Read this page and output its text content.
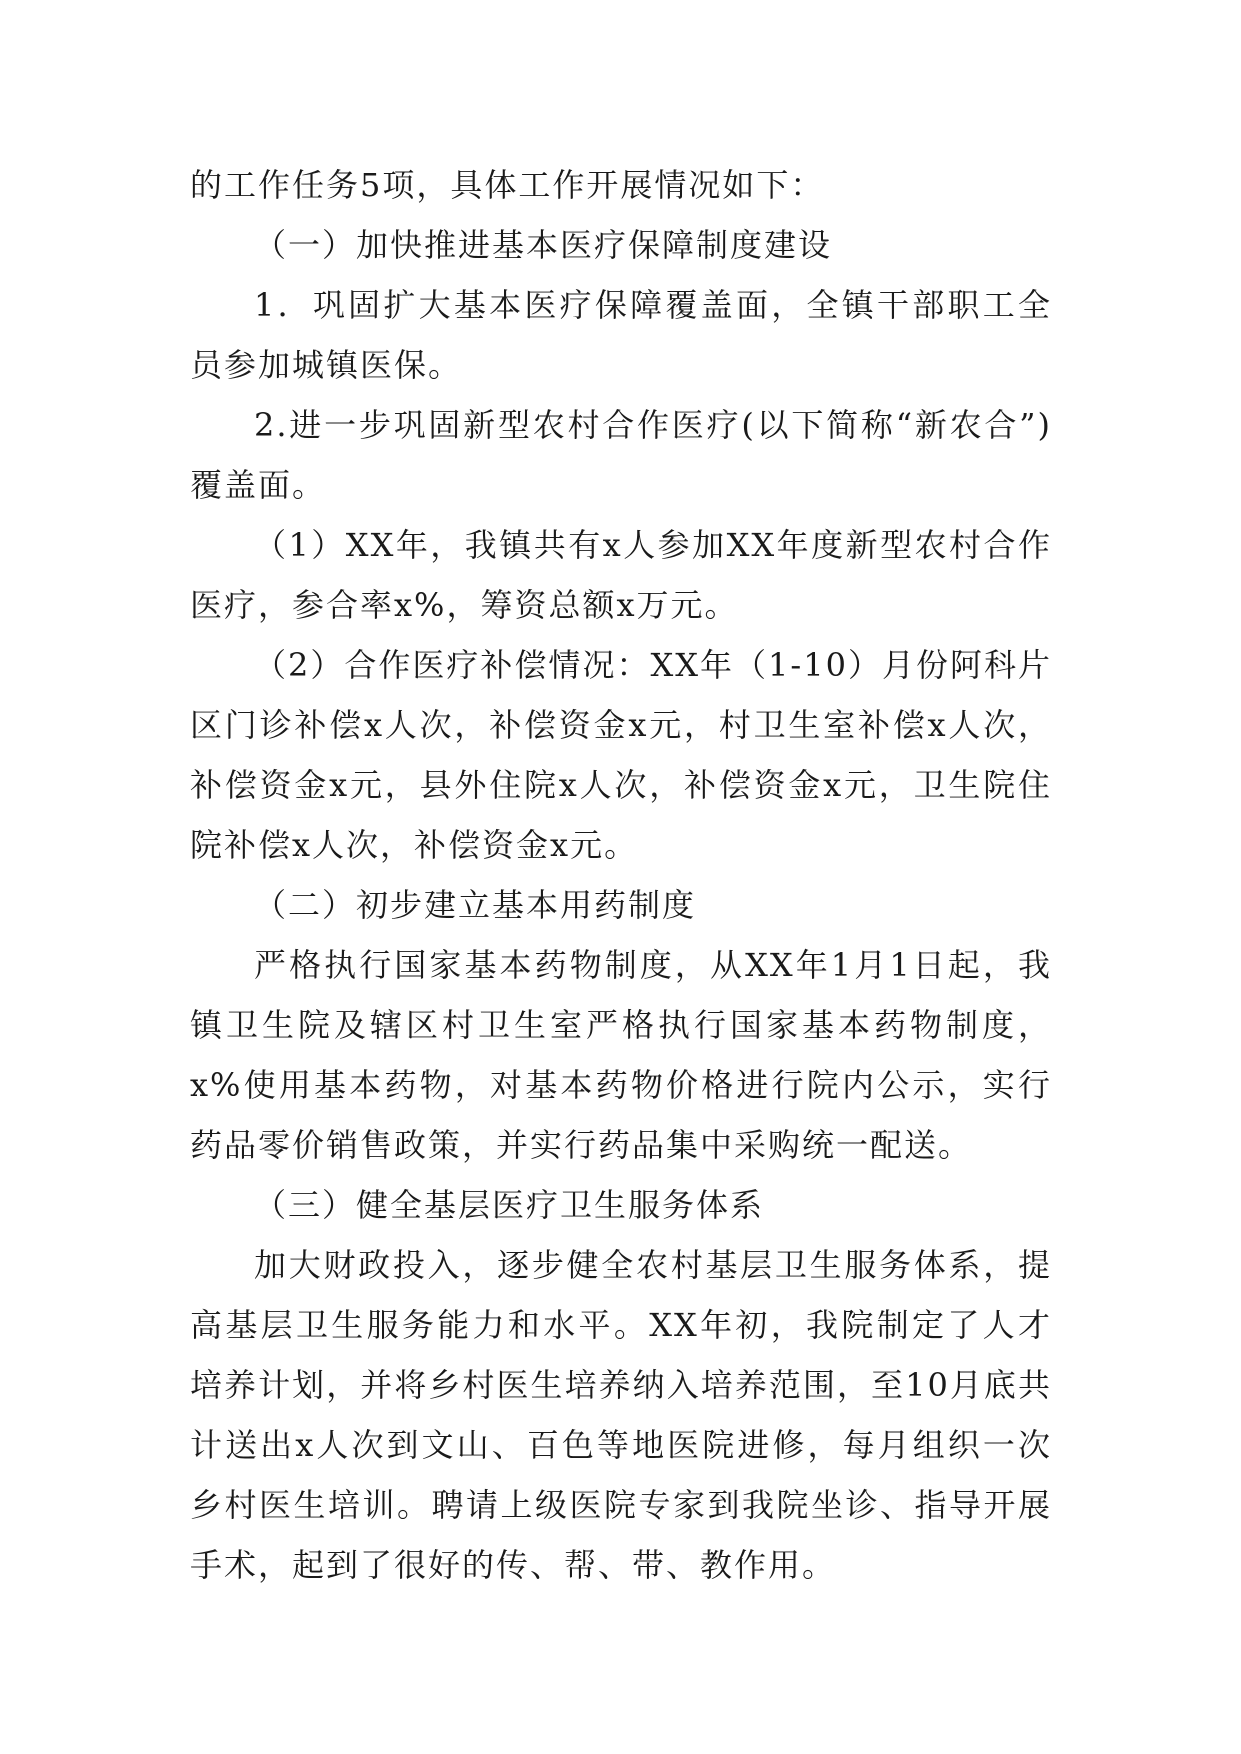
的工作任务5项，具体工作开展情况如下：

（一）加快推进基本医疗保障制度建设

1．巩固扩大基本医疗保障覆盖面，全镇干部职工全员参加城镇医保。

2.进一步巩固新型农村合作医疗(以下简称“新农合”)覆盖面。

（1）XX年，我镇共有x人参加XX年度新型农村合作医疗，参合率x%，筹资总额x万元。

（2）合作医疗补偿情况：XX年（1-10）月份阿科片区门诊补偿x人次，补偿资金x元，村卫生室补偿x人次，补偿资金x元，县外住院x人次，补偿资金x元，卫生院住院补偿x人次，补偿资金x元。

（二）初步建立基本用药制度

严格执行国家基本药物制度，从XX年1月1日起，我镇卫生院及辖区村卫生室严格执行国家基本药物制度，x%使用基本药物，对基本药物价格进行院内公示，实行药品零价销售政策，并实行药品集中采购统一配送。

（三）健全基层医疗卫生服务体系

加大财政投入，逐步健全农村基层卫生服务体系，提高基层卫生服务能力和水平。XX年初，我院制定了人才培养计划，并将乡村医生培养纳入培养范围，至10月底共计送出x人次到文山、百色等地医院进修，每月组织一次乡村医生培训。聘请上级医院专家到我院坐诊、指导开展手术，起到了很好的传、帮、带、教作用。
